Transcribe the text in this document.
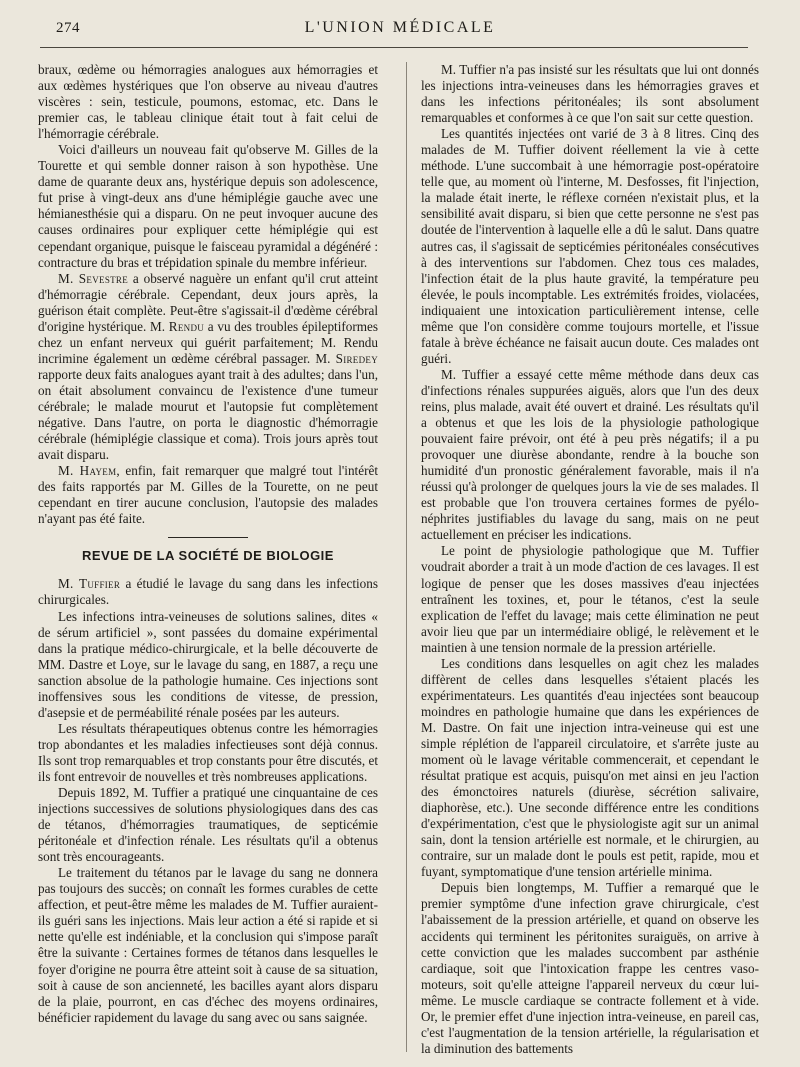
274	L'UNION MÉDICALE

braux, œdème ou hémorragies analogues aux hémorragies et aux œdèmes hystériques que l'on observe au niveau d'autres viscères : sein, testicule, poumons, estomac, etc. Dans le premier cas, le tableau clinique était tout à fait celui de l'hémorragie cérébrale.

Voici d'ailleurs un nouveau fait qu'observe M. Gilles de la Tourette et qui semble donner raison à son hypothèse. Une dame de quarante deux ans, hystérique depuis son adolescence, fut prise à vingt-deux ans d'une hémiplégie gauche avec une hémianesthésie qui a disparu. On ne peut invoquer aucune des causes ordinaires pour expliquer cette hémiplégie qui est cependant organique, puisque le faisceau pyramidal a dégénéré : contracture du bras et trépidation spinale du membre inférieur.

M. Sevestre a observé naguère un enfant qu'il crut atteint d'hémorragie cérébrale. Cependant, deux jours après, la guérison était complète. Peut-être s'agissait-il d'œdème cérébral d'origine hystérique. M. Rendu a vu des troubles épileptiformes chez un enfant nerveux qui guérit parfaitement; M. Rendu incrimine également un œdème cérébral passager. M. Siredey rapporte deux faits analogues ayant trait à des adultes; dans l'un, on était absolument convaincu de l'existence d'une tumeur cérébrale; le malade mourut et l'autopsie fut complètement négative. Dans l'autre, on porta le diagnostic d'hémorragie cérébrale (hémiplégie classique et coma). Trois jours après tout avait disparu.

M. Hayem, enfin, fait remarquer que malgré tout l'intérêt des faits rapportés par M. Gilles de la Tourette, on ne peut cependant en tirer aucune conclusion, l'autopsie des malades n'ayant pas été faite.

REVUE DE LA SOCIÉTÉ DE BIOLOGIE

M. Tuffier a étudié le lavage du sang dans les infections chirurgicales.

Les infections intra-veineuses de solutions salines, dites « de sérum artificiel », sont passées du domaine expérimental dans la pratique médico-chirurgicale, et la belle découverte de MM. Dastre et Loye, sur le lavage du sang, en 1887, a reçu une sanction absolue de la pathologie humaine. Ces injections sont inoffensives sous les conditions de vitesse, de pression, d'asepsie et de perméabilité rénale posées par les auteurs.

Les résultats thérapeutiques obtenus contre les hémorragies trop abondantes et les maladies infectieuses sont déjà connus. Ils sont trop remarquables et trop constants pour être discutés, et ils font entrevoir de nouvelles et très nombreuses applications.

Depuis 1892, M. Tuffier a pratiqué une cinquantaine de ces injections successives de solutions physiologiques dans des cas de tétanos, d'hémorragies traumatiques, de septicémie péritonéale et d'infection rénale. Les résultats qu'il a obtenus sont très encourageants.

Le traitement du tétanos par le lavage du sang ne donnera pas toujours des succès; on connaît les formes curables de cette affection, et peut-être même les malades de M. Tuffier auraient-ils guéri sans les injections. Mais leur action a été si rapide et si nette qu'elle est indéniable, et la conclusion qui s'impose paraît être la suivante : Certaines formes de tétanos dans lesquelles le foyer d'origine ne pourra être atteint soit à cause de sa situation, soit à cause de son ancienneté, les bacilles ayant alors disparu de la plaie, pourront, en cas d'échec des moyens ordinaires, bénéficier rapidement du lavage du sang avec ou sans saignée.

M. Tuffier n'a pas insisté sur les résultats que lui ont donnés les injections intra-veineuses dans les hémorragies graves et dans les infections péritonéales; ils sont absolument remarquables et conformes à ce que l'on sait sur cette question.

Les quantités injectées ont varié de 3 à 8 litres. Cinq des malades de M. Tuffier doivent réellement la vie à cette méthode. L'une succombait à une hémorragie post-opératoire telle que, au moment où l'interne, M. Desfosses, fit l'injection, la malade était inerte, le réflexe cornéen n'existait plus, et la sensibilité avait disparu, si bien que cette personne ne s'est pas doutée de l'intervention à laquelle elle a dû le salut. Dans quatre autres cas, il s'agissait de septicémies péritonéales consécutives à des interventions sur l'abdomen. Chez tous ces malades, l'infection était de la plus haute gravité, la température peu élevée, le pouls incomptable. Les extrémités froides, violacées, indiquaient une intoxication particulièrement intense, celle même que l'on considère comme toujours mortelle, et l'issue fatale à brève échéance ne faisait aucun doute. Ces malades ont guéri.

M. Tuffier a essayé cette même méthode dans deux cas d'infections rénales suppurées aiguës, alors que l'un des deux reins, plus malade, avait été ouvert et drainé. Les résultats qu'il a obtenus et que les lois de la physiologie pathologique pouvaient faire prévoir, ont été à peu près négatifs; il a pu provoquer une diurèse abondante, rendre à la bouche son humidité d'un pronostic généralement favorable, mais il n'a réussi qu'à prolonger de quelques jours la vie de ses malades. Il est probable que l'on trouvera certaines formes de pyélo-néphrites justifiables du lavage du sang, mais on ne peut actuellement en préciser les indications.

Le point de physiologie pathologique que M. Tuffier voudrait aborder a trait à un mode d'action de ces lavages. Il est logique de penser que les doses massives d'eau injectées entraînent les toxines, et, pour le tétanos, c'est la seule explication de l'effet du lavage; mais cette élimination ne peut avoir lieu que par un intermédiaire obligé, le relèvement et le maintien à une tension normale de la pression artérielle.

Les conditions dans lesquelles on agit chez les malades diffèrent de celles dans lesquelles s'étaient placés les expérimentateurs. Les quantités d'eau injectées sont beaucoup moindres en pathologie humaine que dans les expériences de M. Dastre. On fait une injection intra-veineuse qui est une simple réplétion de l'appareil circulatoire, et s'arrête juste au moment où le lavage véritable commencerait, et cependant le résultat pratique est acquis, puisqu'on met ainsi en jeu l'action des émonctoires naturels (diurèse, sécrétion salivaire, diaphorèse, etc.). Une seconde différence entre les conditions d'expérimentation, c'est que le physiologiste agit sur un animal sain, dont la tension artérielle est normale, et le chirurgien, au contraire, sur un malade dont le pouls est petit, rapide, mou et fuyant, symptomatique d'une tension artérielle minima.

Depuis bien longtemps, M. Tuffier a remarqué que le premier symptôme d'une infection grave chirurgicale, c'est l'abaissement de la pression artérielle, et quand on observe les accidents qui terminent les péritonites suraiguës, on arrive à cette conviction que les malades succombent par asthénie cardiaque, soit que l'intoxication frappe les centres vaso-moteurs, soit qu'elle atteigne l'appareil nerveux du cœur lui-même. Le muscle cardiaque se contracte follement et à vide. Or, le premier effet d'une injection intra-veineuse, en pareil cas, c'est l'augmentation de la tension artérielle, la régularisation et la diminution des battements
